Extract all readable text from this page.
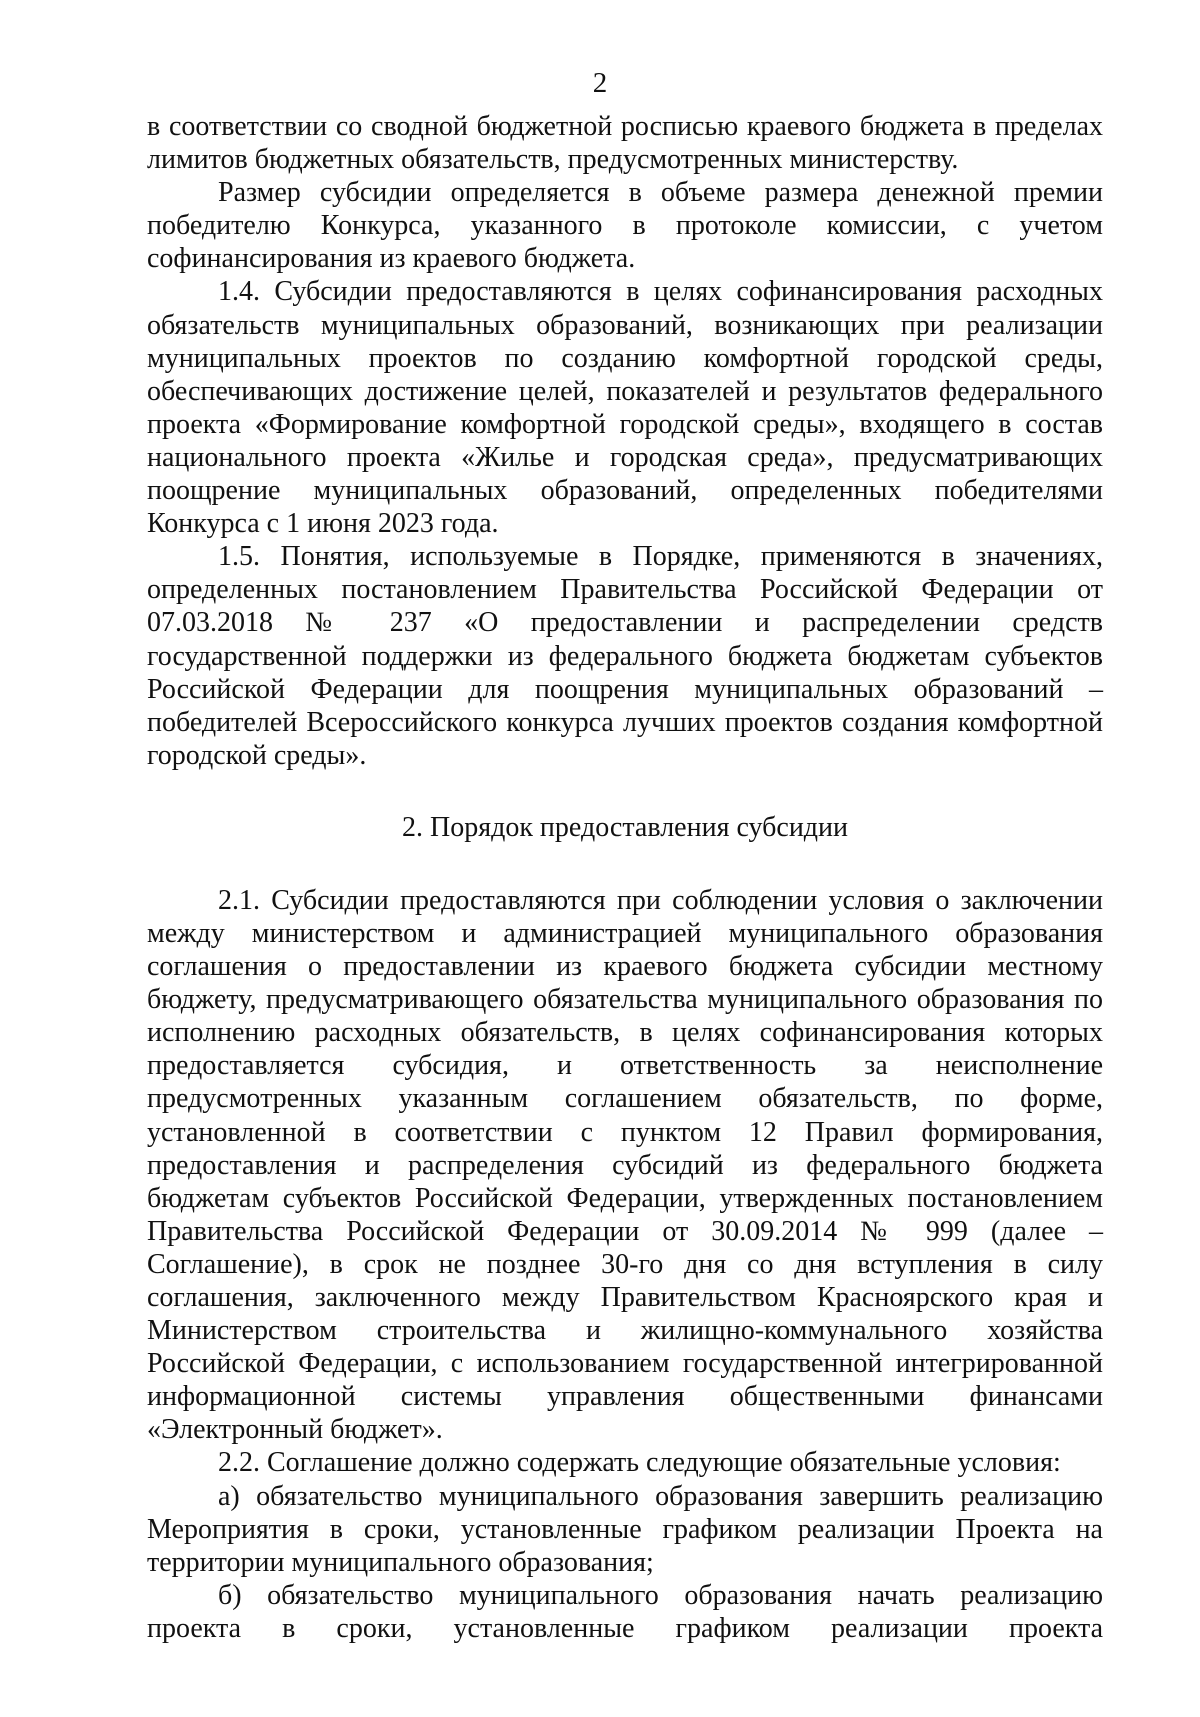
2

в соответствии со сводной бюджетной росписью краевого бюджета в пределах лимитов бюджетных обязательств, предусмотренных министерству.

Размер субсидии определяется в объеме размера денежной премии победителю Конкурса, указанного в протоколе комиссии, с учетом софинансирования из краевого бюджета.

1.4. Субсидии предоставляются в целях софинансирования расходных обязательств муниципальных образований, возникающих при реализации муниципальных проектов по созданию комфортной городской среды, обеспечивающих достижение целей, показателей и результатов федерального проекта «Формирование комфортной городской среды», входящего в состав национального проекта «Жилье и городская среда», предусматривающих поощрение муниципальных образований, определенных победителями Конкурса с 1 июня 2023 года.

1.5. Понятия, используемые в Порядке, применяются в значениях, определенных постановлением Правительства Российской Федерации от 07.03.2018 № 237 «О предоставлении и распределении средств государственной поддержки из федерального бюджета бюджетам субъектов Российской Федерации для поощрения муниципальных образований – победителей Всероссийского конкурса лучших проектов создания комфортной городской среды».

2. Порядок предоставления субсидии

2.1. Субсидии предоставляются при соблюдении условия о заключении между министерством и администрацией муниципального образования соглашения о предоставлении из краевого бюджета субсидии местному бюджету, предусматривающего обязательства муниципального образования по исполнению расходных обязательств, в целях софинансирования которых предоставляется субсидия, и ответственность за неисполнение предусмотренных указанным соглашением обязательств, по форме, установленной в соответствии с пунктом 12 Правил формирования, предоставления и распределения субсидий из федерального бюджета бюджетам субъектов Российской Федерации, утвержденных постановлением Правительства Российской Федерации от 30.09.2014 № 999 (далее – Соглашение), в срок не позднее 30-го дня со дня вступления в силу соглашения, заключенного между Правительством Красноярского края и Министерством строительства и жилищно-коммунального хозяйства Российской Федерации, с использованием государственной интегрированной информационной системы управления общественными финансами «Электронный бюджет».

2.2. Соглашение должно содержать следующие обязательные условия:

а) обязательство муниципального образования завершить реализацию Мероприятия в сроки, установленные графиком реализации Проекта на территории муниципального образования;

б) обязательство муниципального образования начать реализацию проекта в сроки, установленные графиком реализации проекта
